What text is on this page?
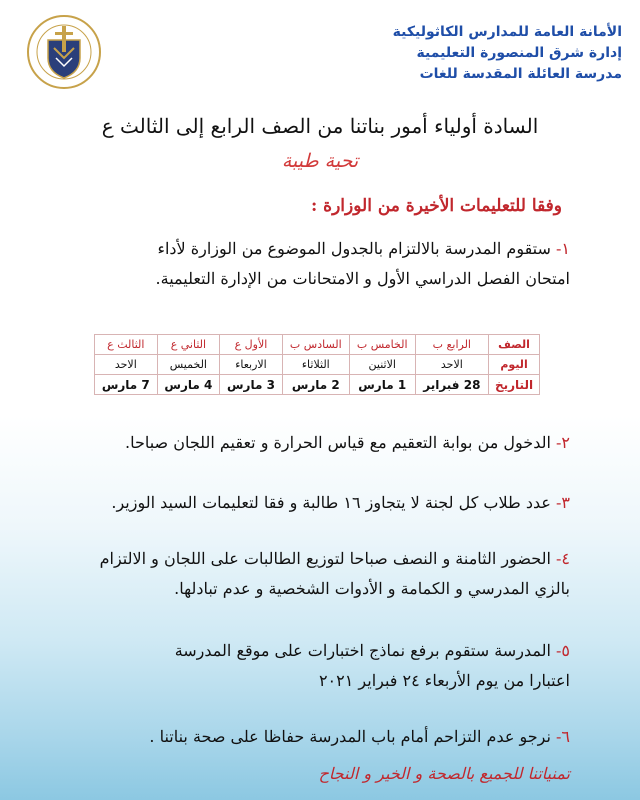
الأمانة العامة للمدارس الكاثوليكية
إدارة شرق المنصورة التعليمية
مدرسة العائلة المقدسة للغات
السادة أولياء أمور بناتنا من الصف الرابع إلى الثالث ع
تحية طيبة
وفقا للتعليمات الأخيرة من الوزارة :
١- ستقوم المدرسة بالالتزام بالجدول الموضوع من الوزارة لأداء
امتحان الفصل الدراسي الأول و الامتحانات من الإدارة التعليمية.
الصف	الرابع ب	الخامس ب	السادس ب	الأول ع	الثاني ع	الثالث ع
اليوم	الاحد	الاثنين	الثلاثاء	الاربعاء	الخميس	الاحد
التاريخ	28 فبراير	1 مارس	2 مارس	3 مارس	4 مارس	7 مارس
٢- الدخول من بوابة التعقيم مع قياس الحرارة و تعقيم اللجان صباحا.
٣- عدد طلاب كل لجنة لا يتجاوز ١٦ طالبة و فقا لتعليمات السيد الوزير.
٤- الحضور الثامنة و النصف صباحا لتوزيع الطالبات على اللجان و الالتزام
بالزي المدرسي و الكمامة و الأدوات الشخصية و عدم تبادلها.
٥- المدرسة ستقوم برفع نماذج اختبارات على موقع المدرسة
اعتبارا من يوم الأربعاء ٢٤ فبراير ٢٠٢١
٦- نرجو عدم التزاحم أمام باب المدرسة حفاظا على صحة بناتنا .
تمنياتنا للجميع بالصحة و الخير و النجاح
